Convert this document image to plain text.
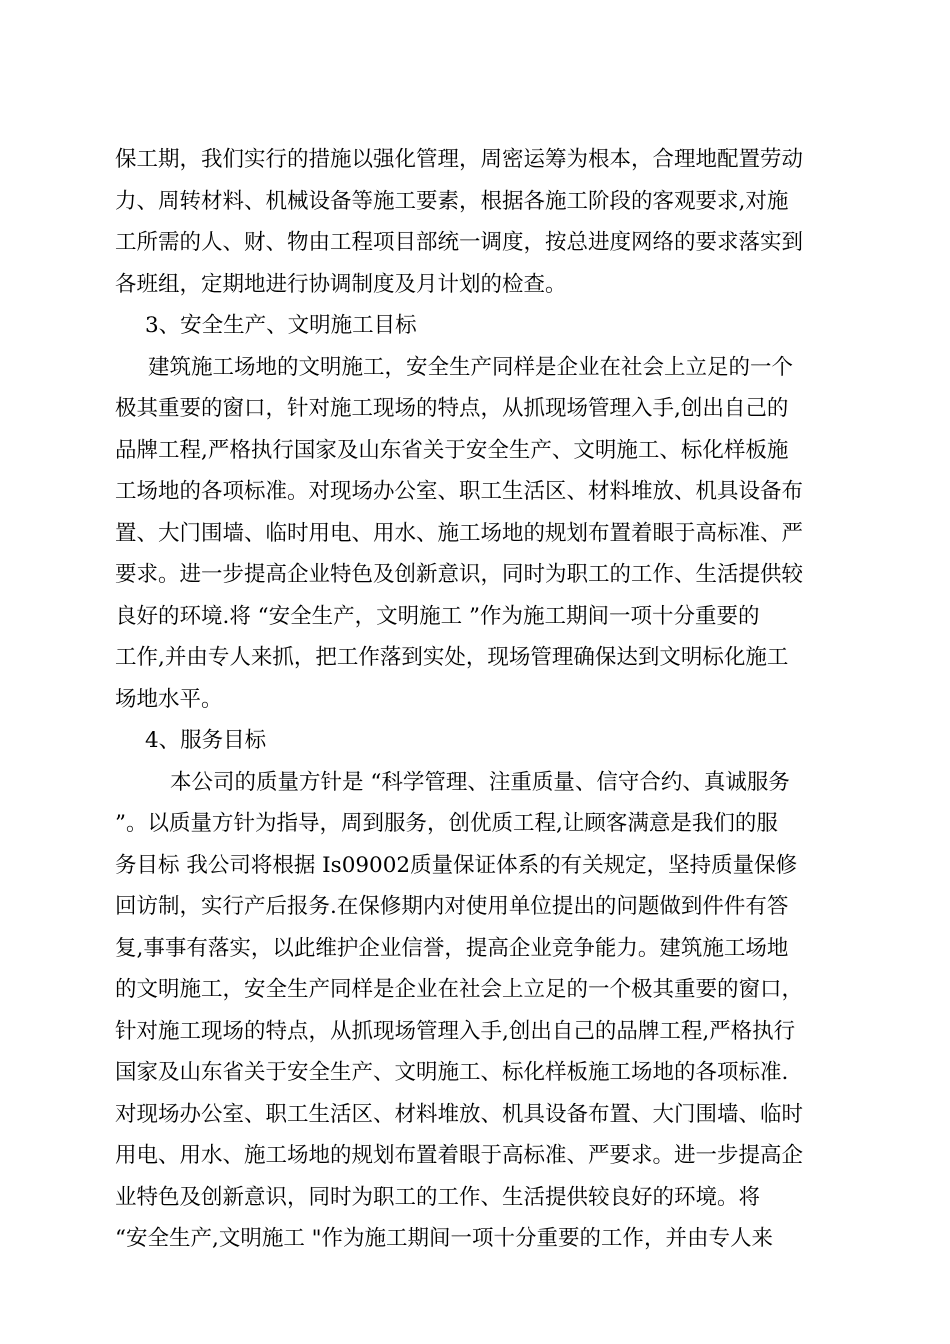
保工期，我们实行的措施以强化管理，周密运筹为根本，合理地配置劳动
力、周转材料、机械设备等施工要素，根据各施工阶段的客观要求,对施
工所需的人、财、物由工程项目部统一调度，按总进度网络的要求落实到
各班组，定期地进行协调制度及月计划的检查。
3、安全生产、文明施工目标
建筑施工场地的文明施工，安全生产同样是企业在社会上立足的一个
极其重要的窗口，针对施工现场的特点，从抓现场管理入手,创出自己的
品牌工程,严格执行国家及山东省关于安全生产、文明施工、标化样板施
工场地的各项标准。对现场办公室、职工生活区、材料堆放、机具设备布
置、大门围墙、临时用电、用水、施工场地的规划布置着眼于高标准、严
要求。进一步提高企业特色及创新意识，同时为职工的工作、生活提供较
良好的环境.将 “安全生产，文明施工 ”作为施工期间一项十分重要的
工作,并由专人来抓，把工作落到实处，现场管理确保达到文明标化施工
场地水平。
4、服务目标
本公司的质量方针是 “科学管理、注重质量、信守合约、真诚服务
”。以质量方针为指导，周到服务，创优质工程,让顾客满意是我们的服
务目标 我公司将根据 Is09002质量保证体系的有关规定，坚持质量保修
回访制，实行产后报务.在保修期内对使用单位提出的问题做到件件有答
复,事事有落实，以此维护企业信誉，提高企业竞争能力。建筑施工场地
的文明施工，安全生产同样是企业在社会上立足的一个极其重要的窗口，
针对施工现场的特点，从抓现场管理入手,创出自己的品牌工程,严格执行
国家及山东省关于安全生产、文明施工、标化样板施工场地的各项标准.
对现场办公室、职工生活区、材料堆放、机具设备布置、大门围墙、临时
用电、用水、施工场地的规划布置着眼于高标准、严要求。进一步提高企
业特色及创新意识，同时为职工的工作、生活提供较良好的环境。将
“安全生产,文明施工 "作为施工期间一项十分重要的工作，并由专人来
